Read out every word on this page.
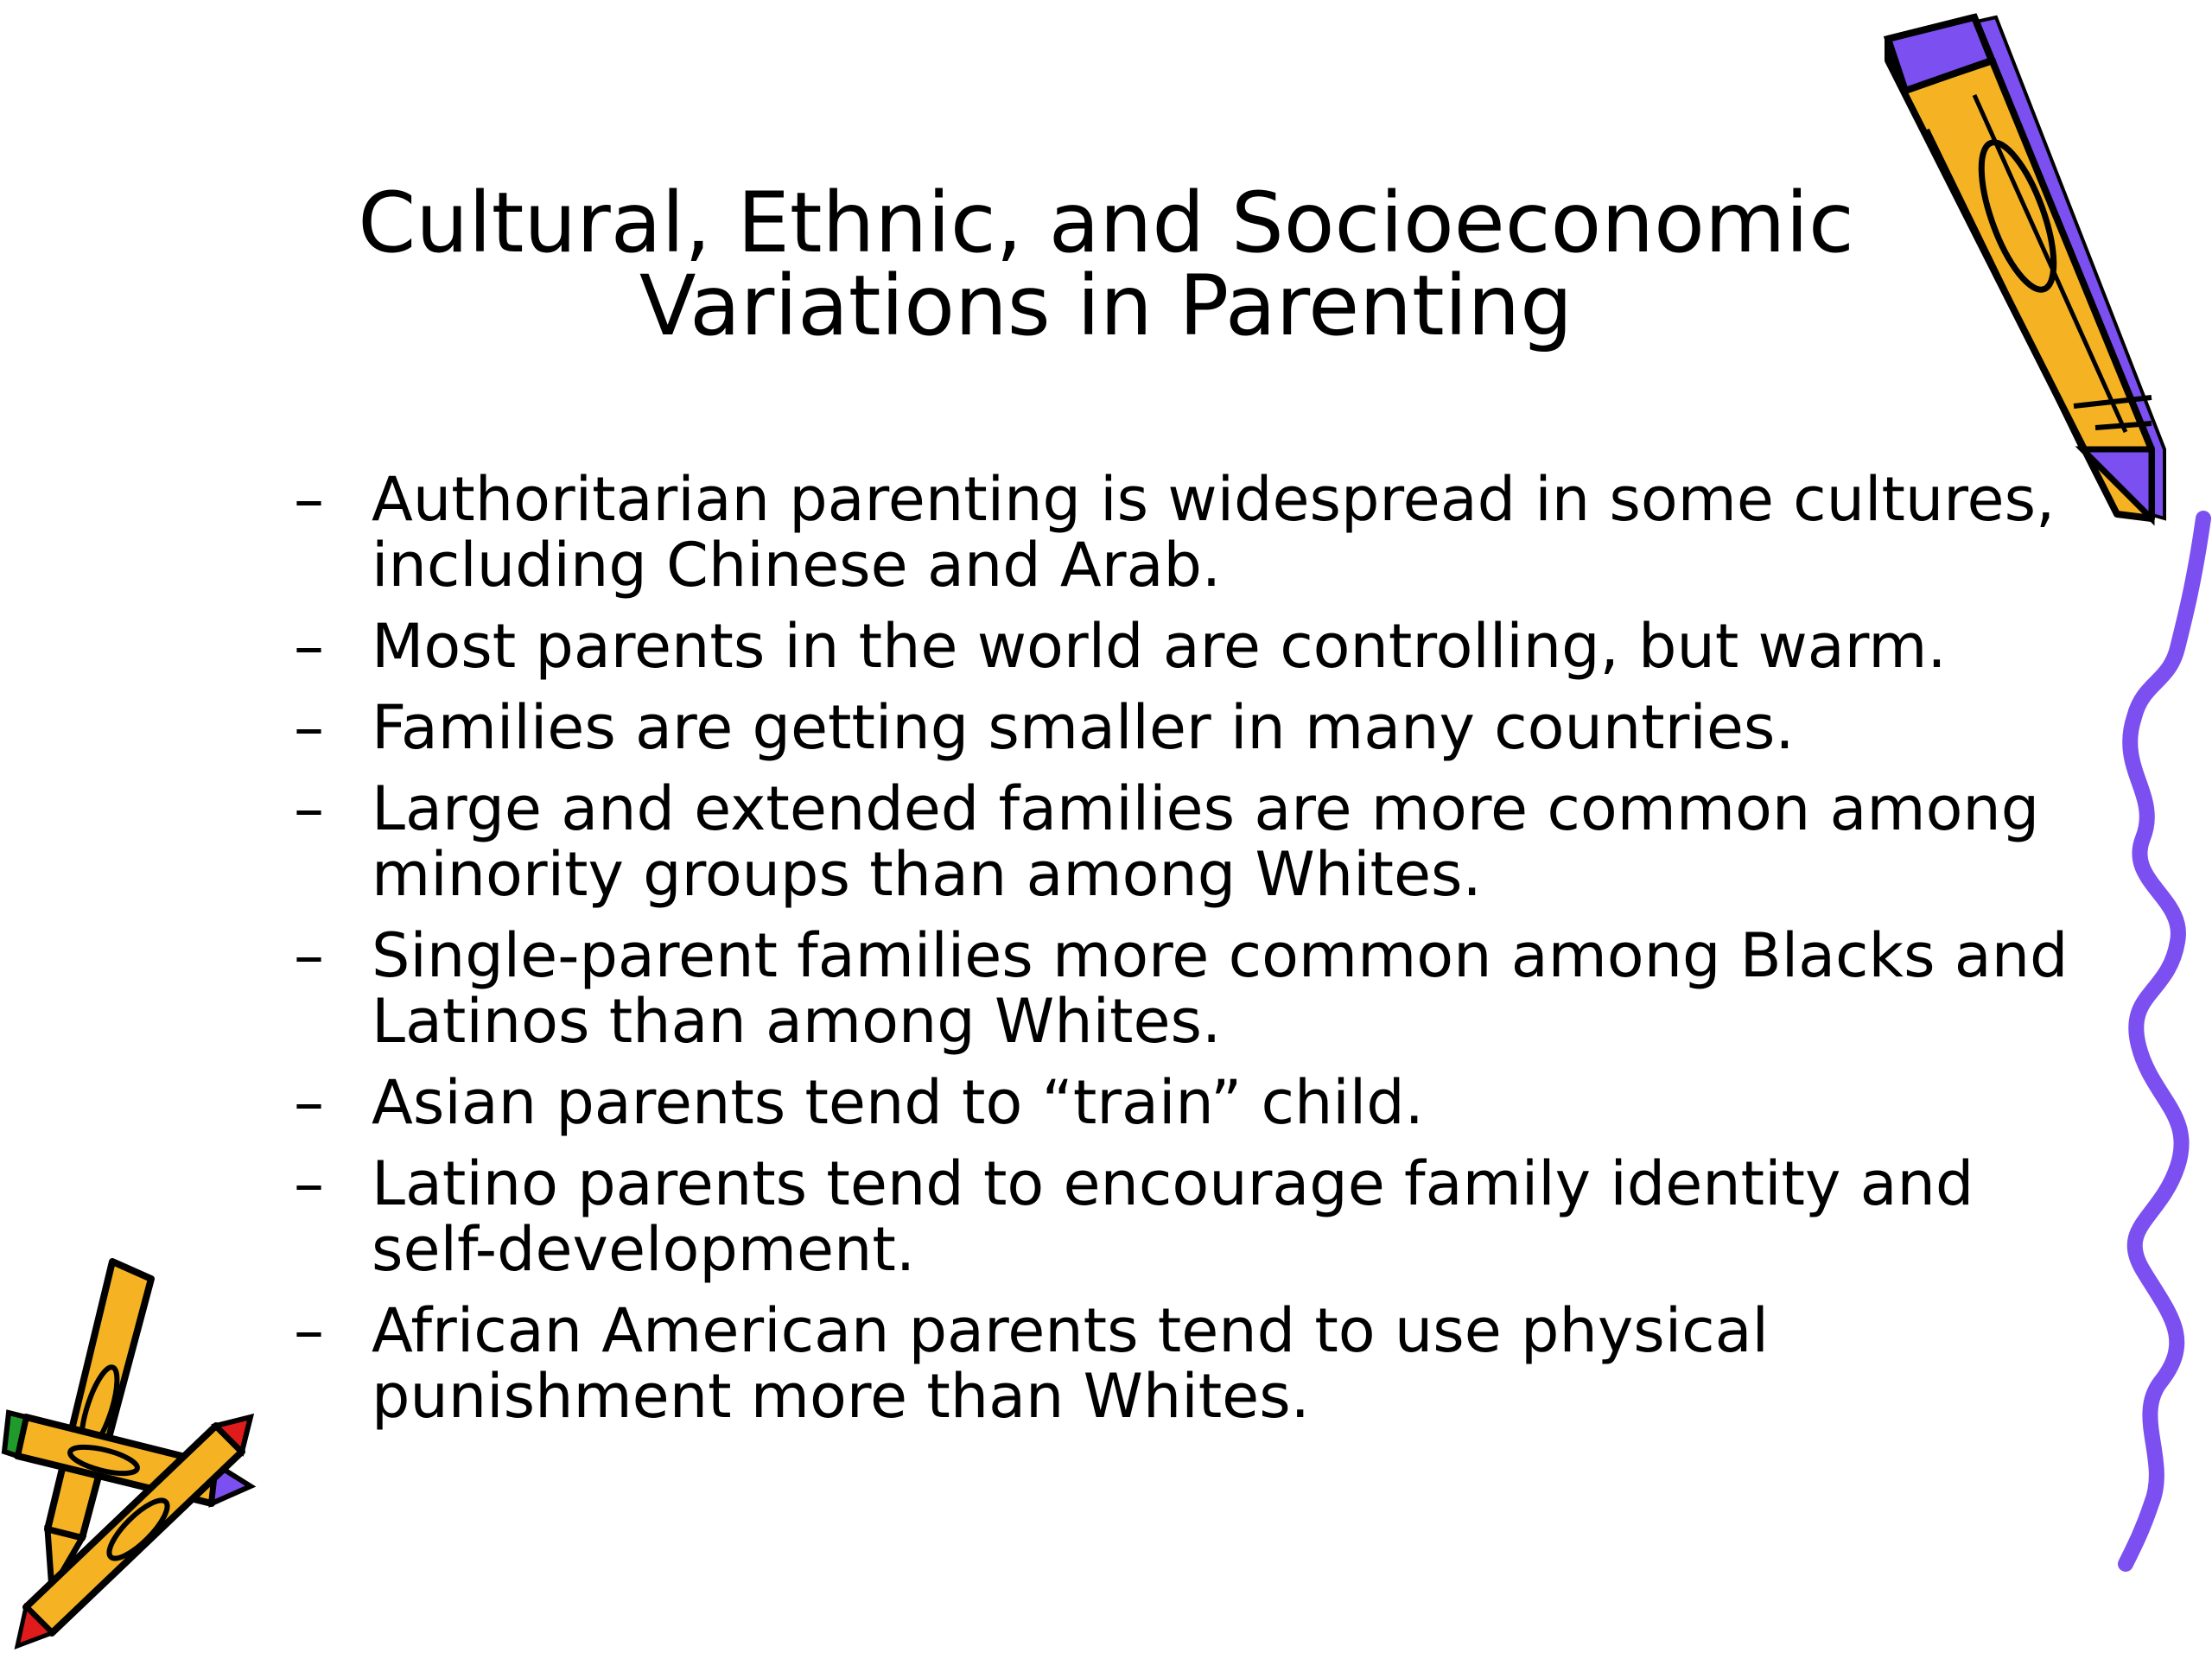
Cultural, Ethnic, and Socioeconomic
Variations in Parenting
– Authoritarian parenting is widespread in some cultures, including Chinese and Arab.
– Most parents in the world are controlling, but warm.
– Families are getting smaller in many countries.
– Large and extended families are more common among minority groups than among Whites.
– Single-parent families more common among Blacks and Latinos than among Whites.
– Asian parents tend to “train” child.
– Latino parents tend to encourage family identity and self-development.
– African American parents tend to use physical punishment more than Whites.
